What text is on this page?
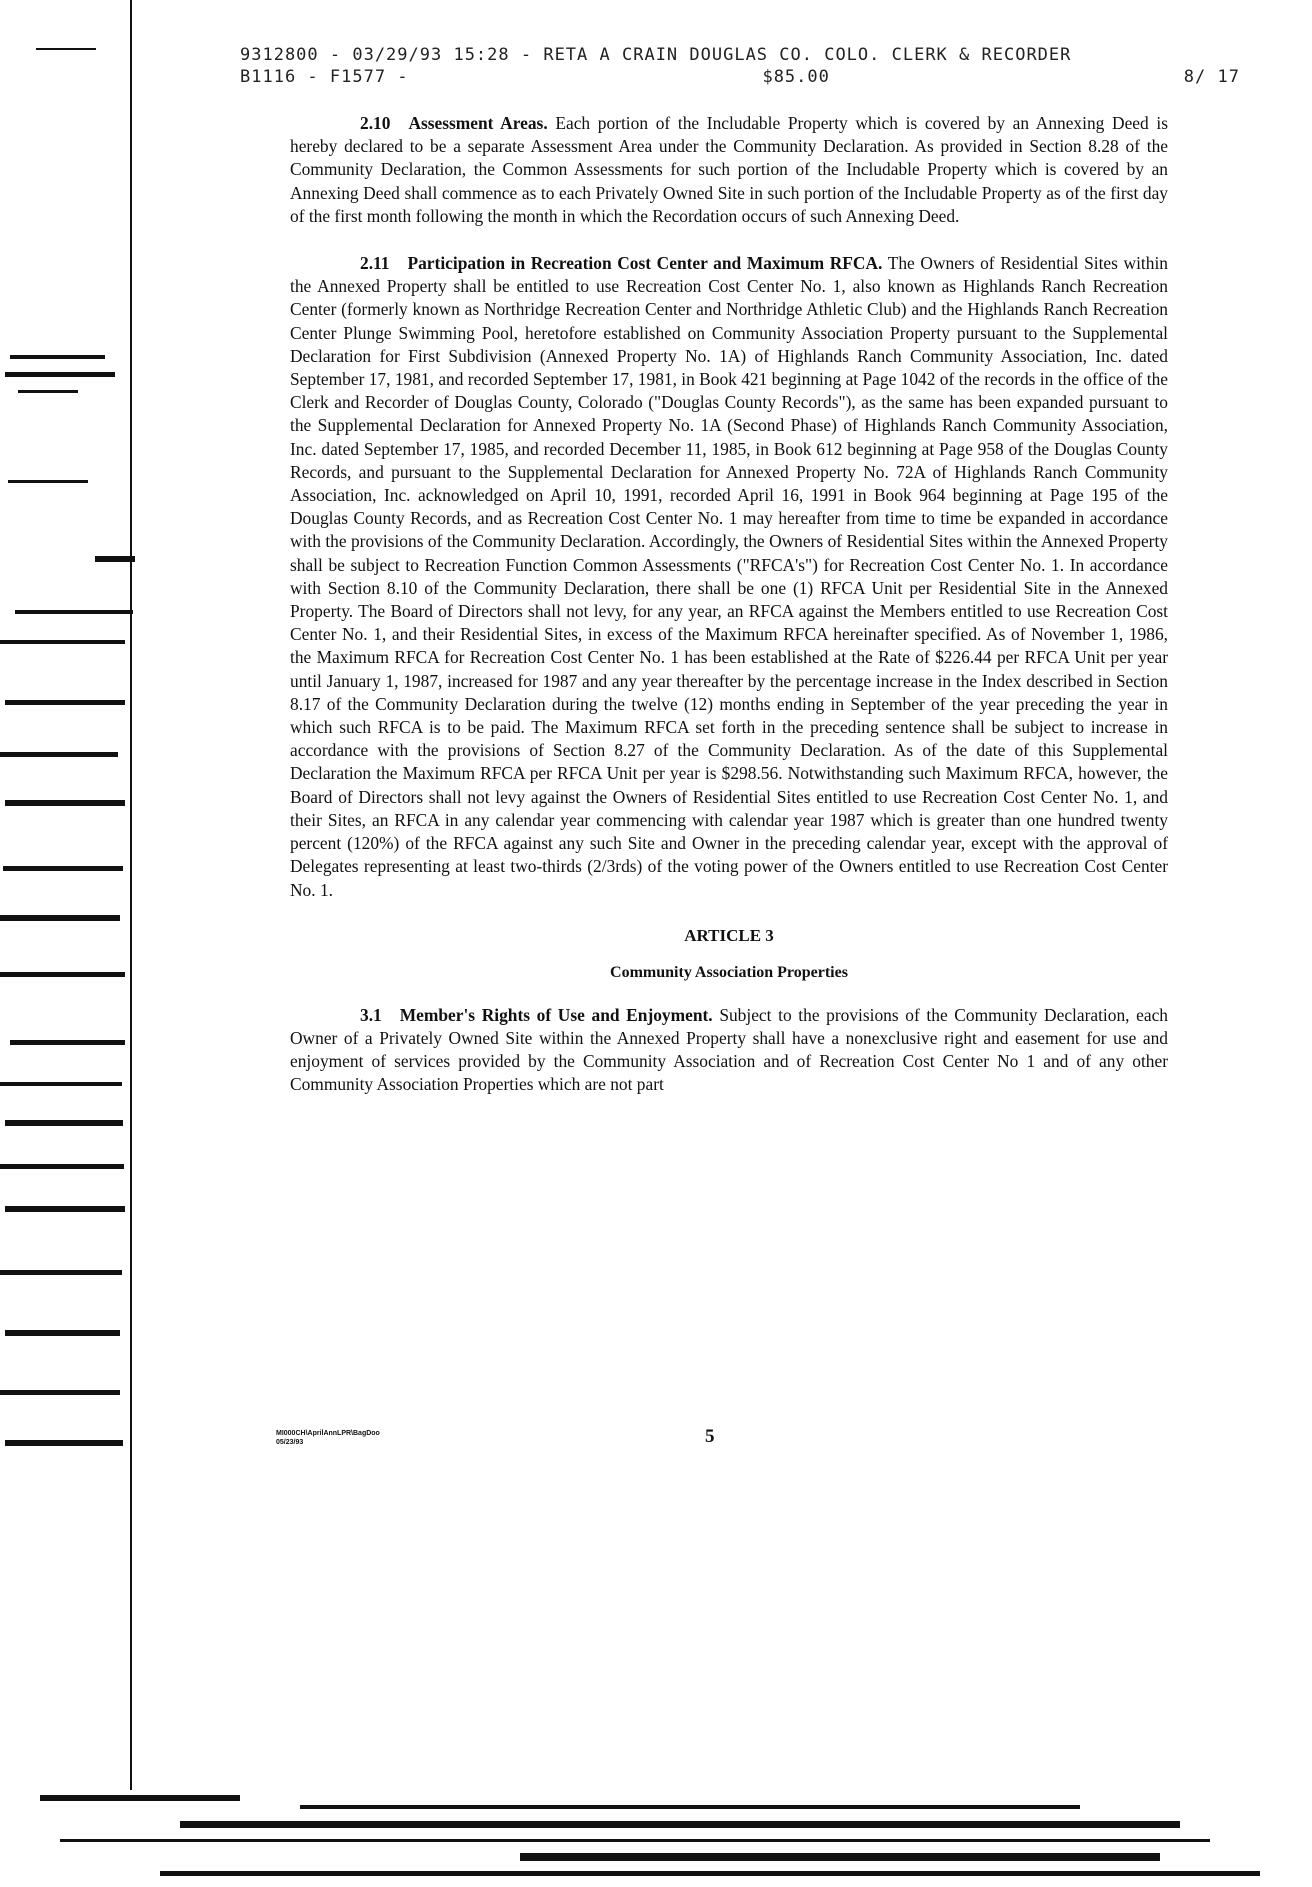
9312800 - 03/29/93 15:28 - RETA A CRAIN DOUGLAS CO. COLO. CLERK & RECORDER
B1116 - F1577 -	$85.00	8/ 17

2.10 Assessment Areas. Each portion of the Includable Property which is covered by an Annexing Deed is hereby declared to be a separate Assessment Area under the Community Declaration. As provided in Section 8.28 of the Community Declaration, the Common Assessments for such portion of the Includable Property which is covered by an Annexing Deed shall commence as to each Privately Owned Site in such portion of the Includable Property as of the first day of the first month following the month in which the Recordation occurs of such Annexing Deed.

2.11 Participation in Recreation Cost Center and Maximum RFCA. The Owners of Residential Sites within the Annexed Property shall be entitled to use Recreation Cost Center No. 1, also known as Highlands Ranch Recreation Center (formerly known as Northridge Recreation Center and Northridge Athletic Club) and the Highlands Ranch Recreation Center Plunge Swimming Pool, heretofore established on Community Association Property pursuant to the Supplemental Declaration for First Subdivision (Annexed Property No. 1A) of Highlands Ranch Community Association, Inc. dated September 17, 1981, and recorded September 17, 1981, in Book 421 beginning at Page 1042 of the records in the office of the Clerk and Recorder of Douglas County, Colorado ("Douglas County Records"), as the same has been expanded pursuant to the Supplemental Declaration for Annexed Property No. 1A (Second Phase) of Highlands Ranch Community Association, Inc. dated September 17, 1985, and recorded December 11, 1985, in Book 612 beginning at Page 958 of the Douglas County Records, and pursuant to the Supplemental Declaration for Annexed Property No. 72A of Highlands Ranch Community Association, Inc. acknowledged on April 10, 1991, recorded April 16, 1991 in Book 964 beginning at Page 195 of the Douglas County Records, and as Recreation Cost Center No. 1 may hereafter from time to time be expanded in accordance with the provisions of the Community Declaration. Accordingly, the Owners of Residential Sites within the Annexed Property shall be subject to Recreation Function Common Assessments ("RFCA's") for Recreation Cost Center No. 1. In accordance with Section 8.10 of the Community Declaration, there shall be one (1) RFCA Unit per Residential Site in the Annexed Property. The Board of Directors shall not levy, for any year, an RFCA against the Members entitled to use Recreation Cost Center No. 1, and their Residential Sites, in excess of the Maximum RFCA hereinafter specified. As of November 1, 1986, the Maximum RFCA for Recreation Cost Center No. 1 has been established at the Rate of $226.44 per RFCA Unit per year until January 1, 1987, increased for 1987 and any year thereafter by the percentage increase in the Index described in Section 8.17 of the Community Declaration during the twelve (12) months ending in September of the year preceding the year in which such RFCA is to be paid. The Maximum RFCA set forth in the preceding sentence shall be subject to increase in accordance with the provisions of Section 8.27 of the Community Declaration. As of the date of this Supplemental Declaration the Maximum RFCA per RFCA Unit per year is $298.56. Notwithstanding such Maximum RFCA, however, the Board of Directors shall not levy against the Owners of Residential Sites entitled to use Recreation Cost Center No. 1, and their Sites, an RFCA in any calendar year commencing with calendar year 1987 which is greater than one hundred twenty percent (120%) of the RFCA against any such Site and Owner in the preceding calendar year, except with the approval of Delegates representing at least two-thirds (2/3rds) of the voting power of the Owners entitled to use Recreation Cost Center No. 1.

ARTICLE 3
Community Association Properties

3.1 Member's Rights of Use and Enjoyment. Subject to the provisions of the Community Declaration, each Owner of a Privately Owned Site within the Annexed Property shall have a nonexclusive right and easement for use and enjoyment of services provided by the Community Association and of Recreation Cost Center No 1 and of any other Community Association Properties which are not part

MI000CH\AprilAnnLPR\BagDoo
05/23/93	5
